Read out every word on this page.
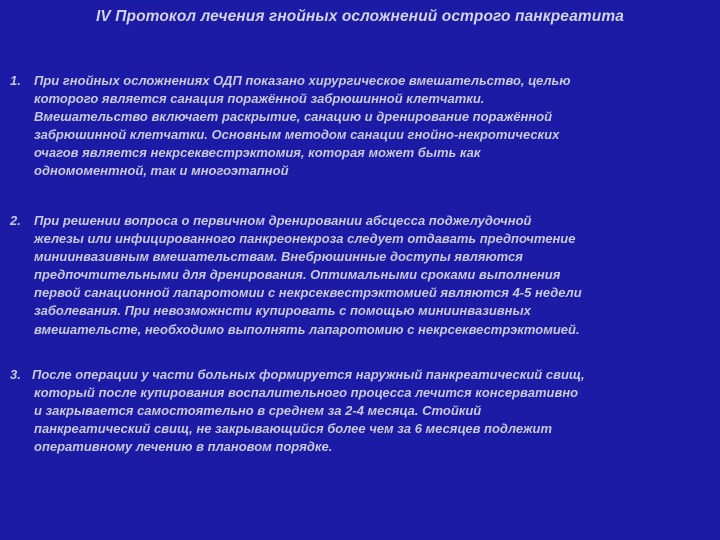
IV Протокол лечения гнойных осложнений острого панкреатита
1. При гнойных осложнениях ОДП показано хирургическое вмешательство, целью
которого является санация поражённой забрюшинной клетчатки.
Вмешательство включает раскрытие, санацию и дренирование поражённой
забрюшинной клетчатки. Основным методом санации гнойно-некротических
очагов является некрсеквестрэктомия, которая может быть как
одномоментной, так и многоэтапной
2. При решении вопроса о первичном дренировании абсцесса поджелудочной
железы или инфицированного панкреонекроза следует отдавать предпочтение
миниинвазивным вмешательствам. Внебрюшинные доступы являются
предпочтительными для дренирования. Оптимальными сроками выполнения
первой санационной лапаротомии с некрсеквестрэктомией являются 4-5 недели
заболевания. При невозможнсти купировать с помощью миниинвазивных
вмешательсте, необходимо выполнять лапаротомию с некрсеквестрэктомией.
3. После операции у части больных формируется наружный панкреатический свищ,
который после купирования воспалительного процесса лечится консервативно
и закрывается самостоятельно в среднем за 2-4 месяца. Стойкий
панкреатический свищ, не закрывающийся более чем за 6 месяцев подлежит
оперативному лечению в плановом порядке.
